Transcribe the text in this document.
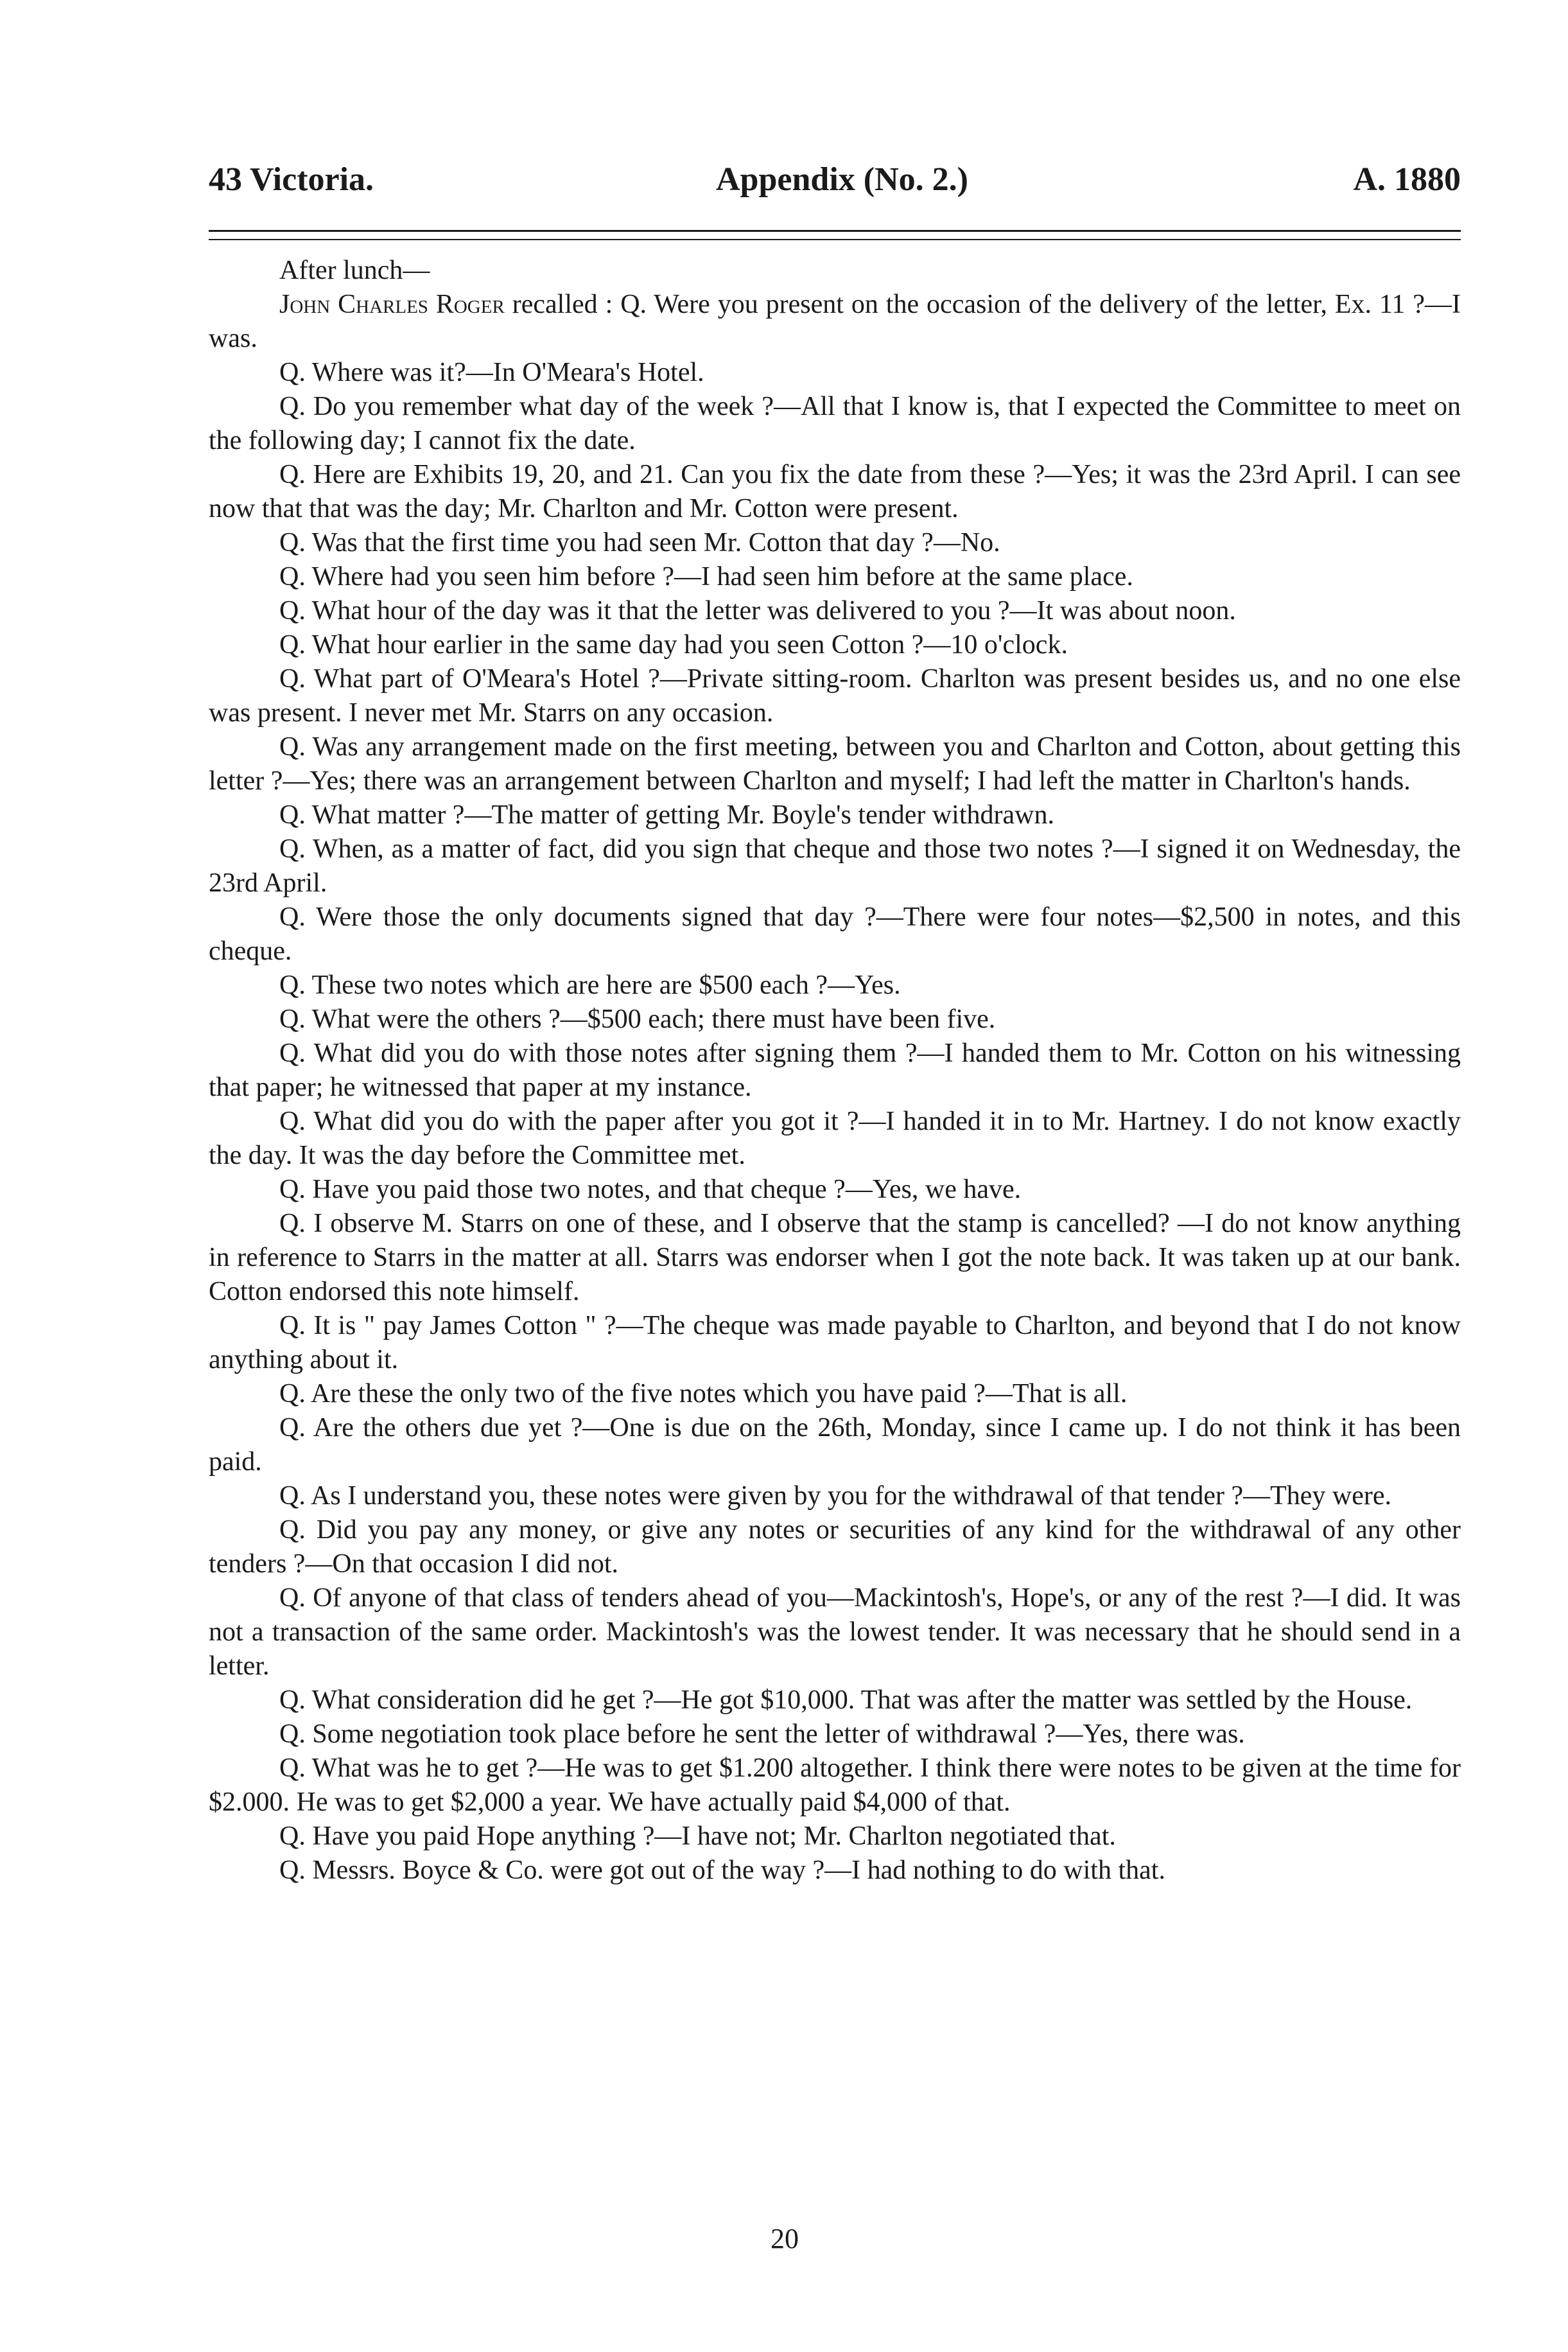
43 Victoria.	Appendix (No. 2.)	A. 1880

After lunch—

John Charles Roger recalled : Q. Were you present on the occasion of the delivery of the letter, Ex. 11 ?—I was.

Q. Where was it?—In O'Meara's Hotel.

Q. Do you remember what day of the week ?—All that I know is, that I expected the Committee to meet on the following day; I cannot fix the date.

Q. Here are Exhibits 19, 20, and 21. Can you fix the date from these ?—Yes; it was the 23rd April. I can see now that that was the day; Mr. Charlton and Mr. Cotton were present.

Q. Was that the first time you had seen Mr. Cotton that day ?—No.

Q. Where had you seen him before ?—I had seen him before at the same place.

Q. What hour of the day was it that the letter was delivered to you ?—It was about noon.

Q. What hour earlier in the same day had you seen Cotton ?—10 o'clock.

Q. What part of O'Meara's Hotel ?—Private sitting-room. Charlton was present besides us, and no one else was present. I never met Mr. Starrs on any occasion.

Q. Was any arrangement made on the first meeting, between you and Charlton and Cotton, about getting this letter ?—Yes; there was an arrangement between Charlton and myself; I had left the matter in Charlton's hands.

Q. What matter ?—The matter of getting Mr. Boyle's tender withdrawn.

Q. When, as a matter of fact, did you sign that cheque and those two notes ?—I signed it on Wednesday, the 23rd April.

Q. Were those the only documents signed that day ?—There were four notes—$2,500 in notes, and this cheque.

Q. These two notes which are here are $500 each ?—Yes.

Q. What were the others ?—$500 each; there must have been five.

Q. What did you do with those notes after signing them ?—I handed them to Mr. Cotton on his witnessing that paper; he witnessed that paper at my instance.

Q. What did you do with the paper after you got it ?—I handed it in to Mr. Hartney. I do not know exactly the day. It was the day before the Committee met.

Q. Have you paid those two notes, and that cheque ?—Yes, we have.

Q. I observe M. Starrs on one of these, and I observe that the stamp is cancelled? —I do not know anything in reference to Starrs in the matter at all. Starrs was endorser when I got the note back. It was taken up at our bank. Cotton endorsed this note himself.

Q. It is " pay James Cotton " ?—The cheque was made payable to Charlton, and beyond that I do not know anything about it.

Q. Are these the only two of the five notes which you have paid ?—That is all.

Q. Are the others due yet ?—One is due on the 26th, Monday, since I came up. I do not think it has been paid.

Q. As I understand you, these notes were given by you for the withdrawal of that tender ?—They were.

Q. Did you pay any money, or give any notes or securities of any kind for the withdrawal of any other tenders ?—On that occasion I did not.

Q. Of anyone of that class of tenders ahead of you—Mackintosh's, Hope's, or any of the rest ?—I did. It was not a transaction of the same order. Mackintosh's was the lowest tender. It was necessary that he should send in a letter.

Q. What consideration did he get ?—He got $10,000. That was after the matter was settled by the House.

Q. Some negotiation took place before he sent the letter of withdrawal ?—Yes, there was.

Q. What was he to get ?—He was to get $1.200 altogether. I think there were notes to be given at the time for $2.000. He was to get $2,000 a year. We have actually paid $4,000 of that.

Q. Have you paid Hope anything ?—I have not; Mr. Charlton negotiated that.

Q. Messrs. Boyce & Co. were got out of the way ?—I had nothing to do with that.

20
